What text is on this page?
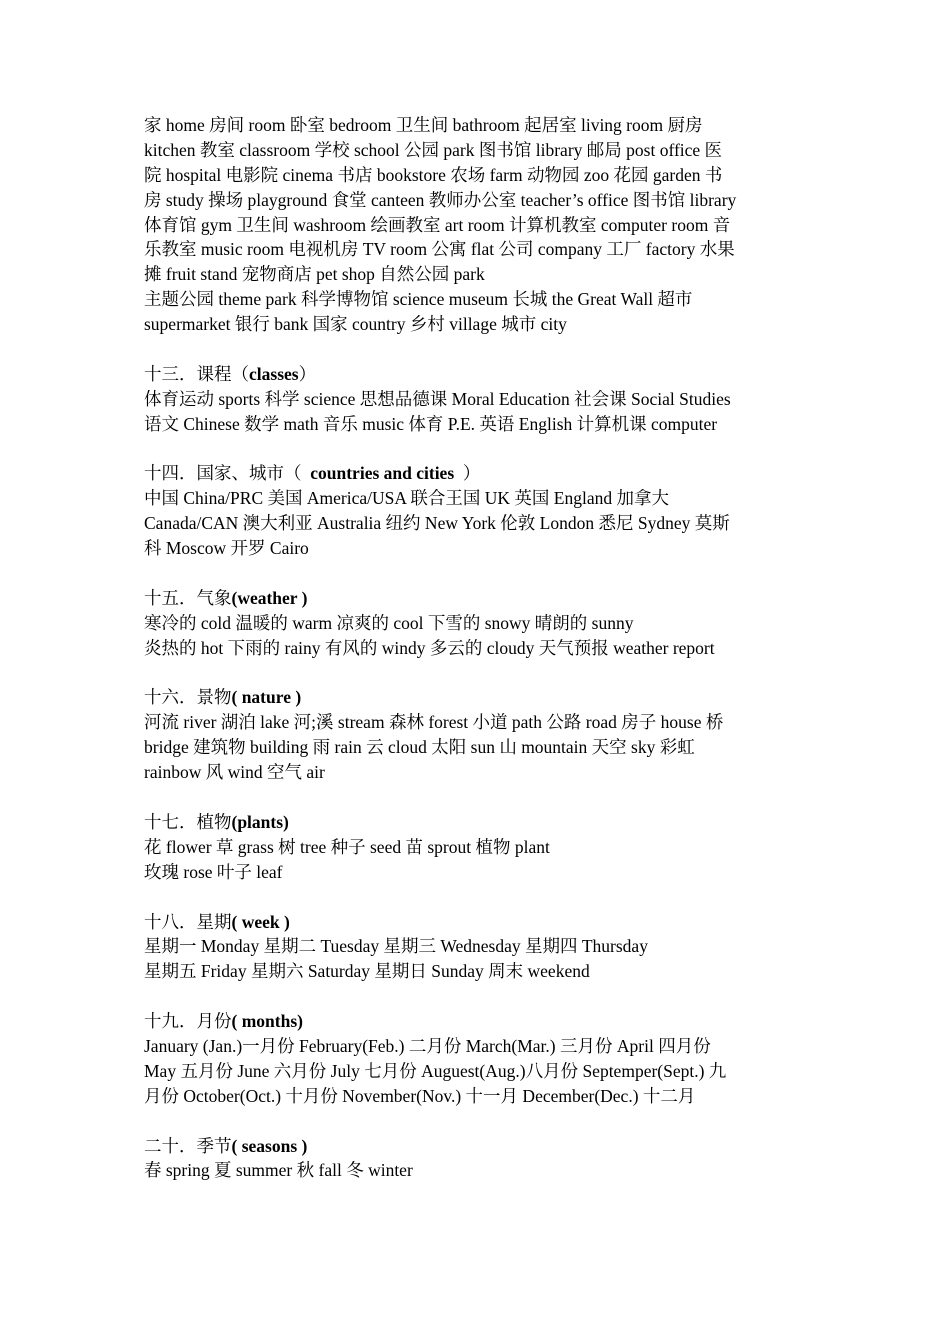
家 home 房间 room 卧室 bedroom 卫生间 bathroom 起居室 living room 厨房
kitchen 教室 classroom 学校 school 公园 park 图书馆 library 邮局 post office 医
院 hospital 电影院 cinema 书店 bookstore 农场 farm 动物园 zoo 花园 garden 书
房 study 操场 playground 食堂 canteen 教师办公室 teacher’s office 图书馆 library
体育馆 gym 卫生间 washroom 绘画教室 art room 计算机教室 computer room 音
乐教室 music room 电视机房 TV room 公寓 flat 公司 company 工厂 factory 水果
摊 fruit stand 宠物商店 pet shop 自然公园 park
主题公园 theme park 科学博物馆 science museum 长城 the Great Wall 超市
supermarket 银行 bank 国家 country 乡村 village 城市 city
十三．课程（classes）
体育运动 sports 科学 science 思想品德课 Moral Education 社会课 Social Studies
语文 Chinese 数学 math 音乐 music 体育 P.E. 英语 English 计算机课 computer
十四．国家、城市（  countries and cities  ）
中国 China/PRC 美国 America/USA 联合王国 UK 英国 England 加拿大
Canada/CAN 澳大利亚 Australia 纽约 New York 伦敦 London 悉尼 Sydney 莫斯
科 Moscow 开罗 Cairo
十五．气象(weather )
寒冷的 cold 温暖的 warm 凉爽的 cool 下雪的 snowy 晴朗的 sunny
炎热的 hot 下雨的 rainy 有风的 windy 多云的 cloudy 天气预报 weather report
十六．景物( nature )
河流 river 湖泊 lake 河;溪 stream 森林 forest 小道 path 公路 road 房子 house 桥
bridge 建筑物 building 雨 rain 云 cloud 太阳 sun 山 mountain 天空 sky 彩虹
rainbow 风 wind 空气 air
十七．植物(plants)
花 flower 草 grass 树 tree 种子 seed 苗 sprout 植物 plant
玫瑰 rose 叶子 leaf
十八．星期( week )
星期一 Monday 星期二 Tuesday 星期三 Wednesday 星期四 Thursday
星期五 Friday 星期六 Saturday 星期日 Sunday 周末 weekend
十九．月份( months)
January (Jan.)一月份 February(Feb.) 二月份 March(Mar.) 三月份 April 四月份
May 五月份 June 六月份 July 七月份 Auguest(Aug.)八月份 Septemper(Sept.) 九
月份 October(Oct.) 十月份 November(Nov.) 十一月 December(Dec.) 十二月
二十．季节( seasons )
春 spring 夏 summer 秋 fall 冬 winter
